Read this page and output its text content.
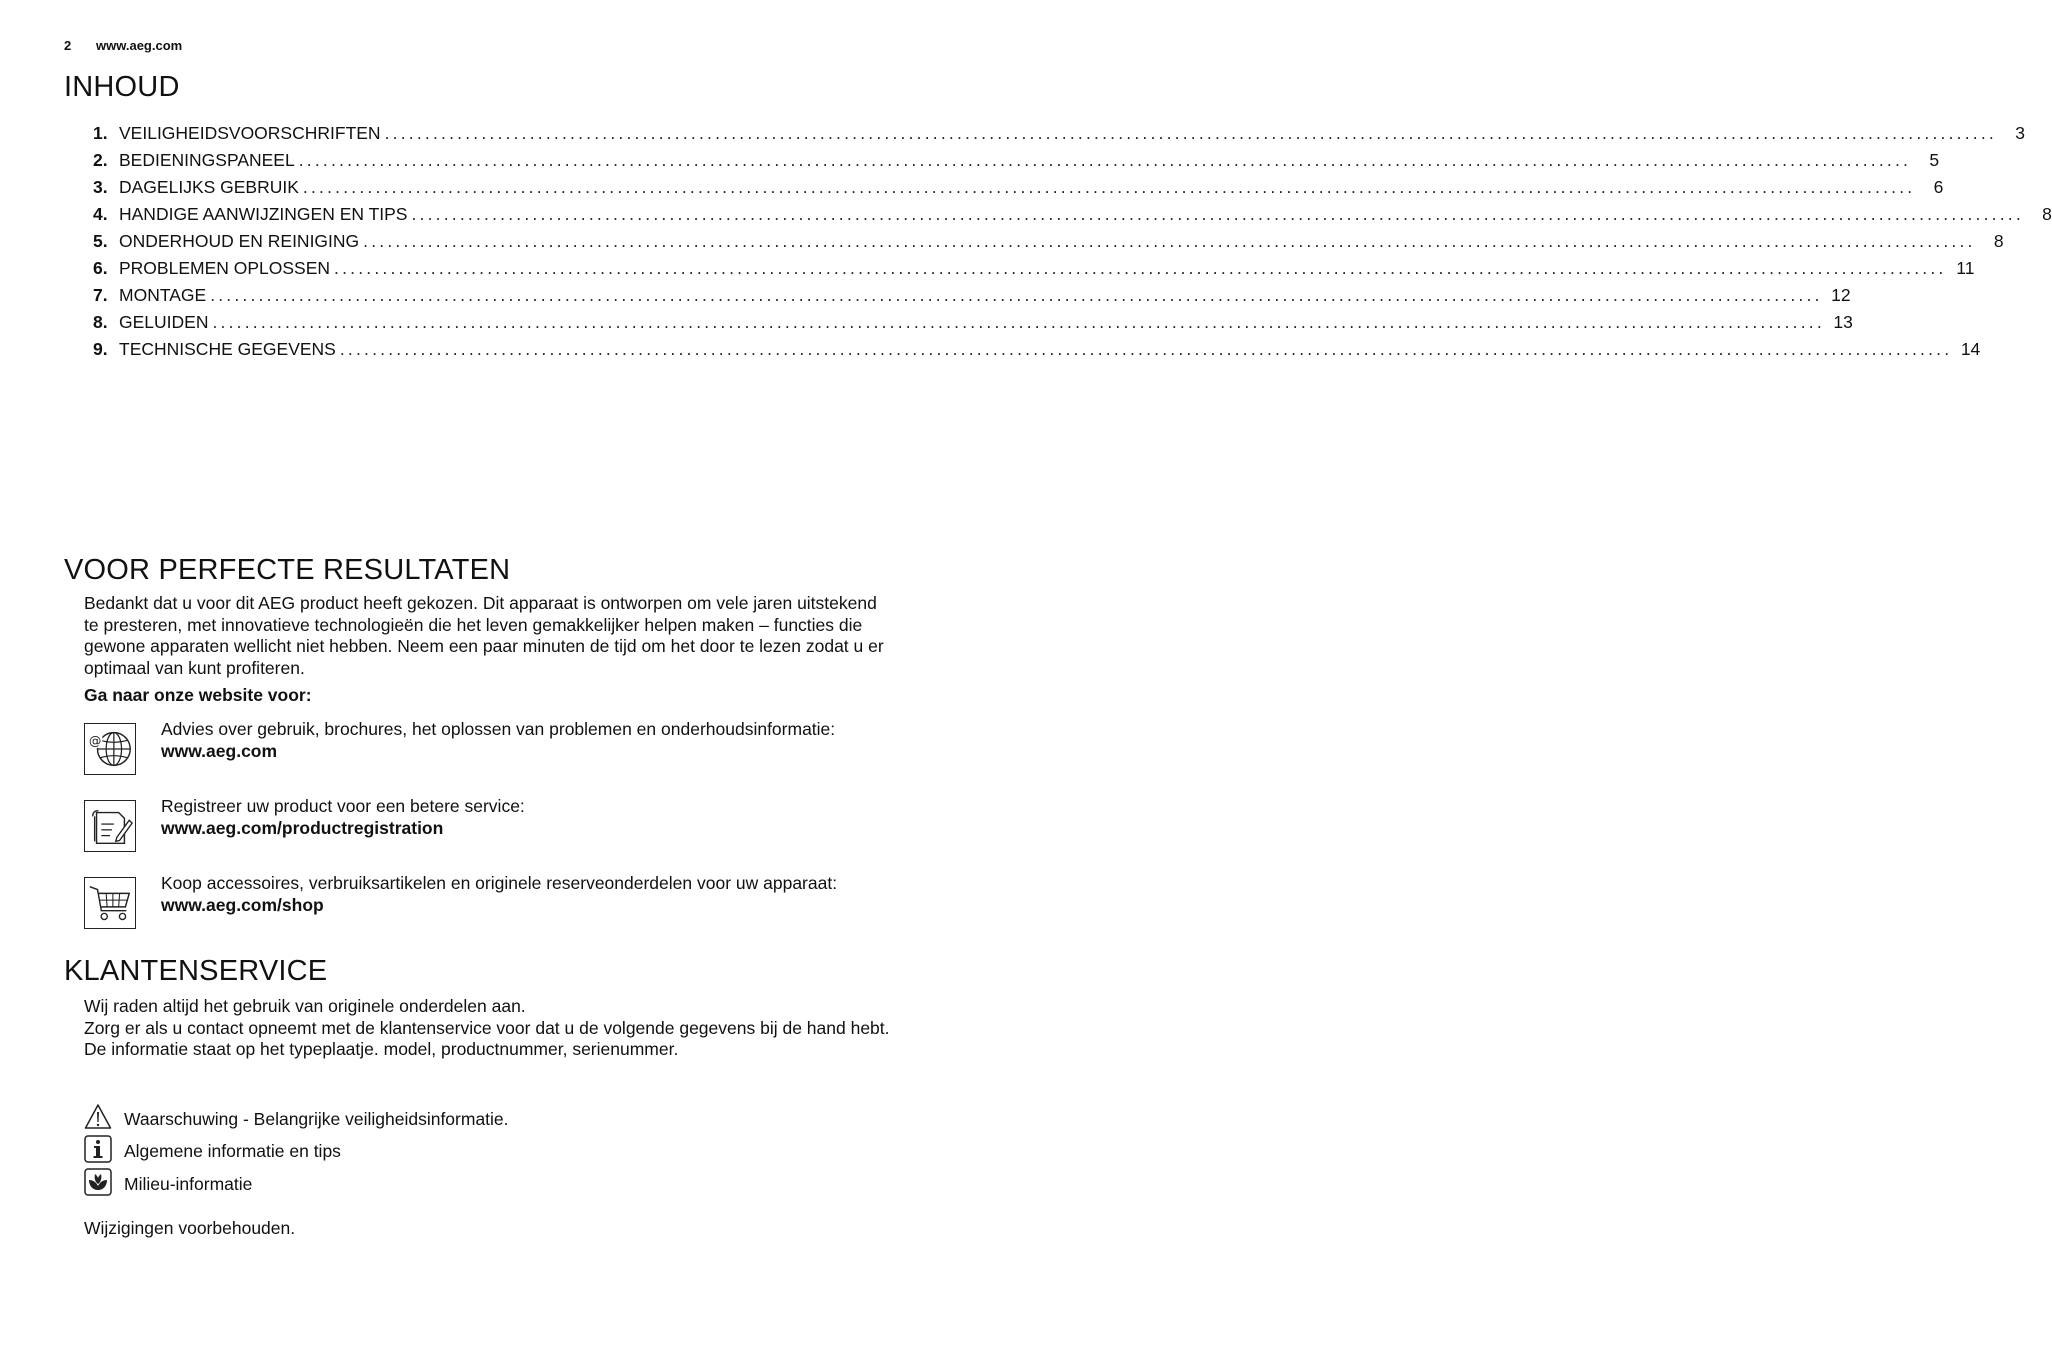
2 www.aeg.com
INHOUD
1. VEILIGHEIDSVOORSCHRIFTEN ........................................................................................................................................................................................................	3
2. BEDIENINGSPANEEL ........................................................................................................................................................................................................	5
3. DAGELIJKS GEBRUIK ........................................................................................................................................................................................................	6
4. HANDIGE AANWIJZINGEN EN TIPS ........................................................................................................................................................................................................	8
5. ONDERHOUD EN REINIGING ........................................................................................................................................................................................................	8
6. PROBLEMEN OPLOSSEN ........................................................................................................................................................................................................ 11
7. MONTAGE ........................................................................................................................................................................................................ 12
8. GELUIDEN ........................................................................................................................................................................................................ 13
9. TECHNISCHE GEGEVENS ........................................................................................................................................................................................................ 14
VOOR PERFECTE RESULTATEN

Bedankt dat u voor dit AEG product heeft gekozen. Dit apparaat is ontworpen om vele jaren uitstekend te presteren, met innovatieve technologieën die het leven gemakkelijker helpen maken – functies die gewone apparaten wellicht niet hebben. Neem een paar minuten de tijd om het door te lezen zodat u er optimaal van kunt profiteren.

Ga naar onze website voor:

@
Advies over gebruik, brochures, het oplossen van problemen en onderhoudsinformatie:
www.aeg.com
Registreer uw product voor een betere service:
www.aeg.com/productregistration
Koop accessoires, verbruiksartikelen en originele reserveonderdelen voor uw apparaat:
www.aeg.com/shop
KLANTENSERVICE
Wij raden altijd het gebruik van originele onderdelen aan.
Zorg er als u contact opneemt met de klantenservice voor dat u de volgende gegevens bij de hand hebt.
De informatie staat op het typeplaatje. model, productnummer, serienummer.
Waarschuwing - Belangrijke veiligheidsinformatie.
Algemene informatie en tips
Milieu-informatie

Wijzigingen voorbehouden.
